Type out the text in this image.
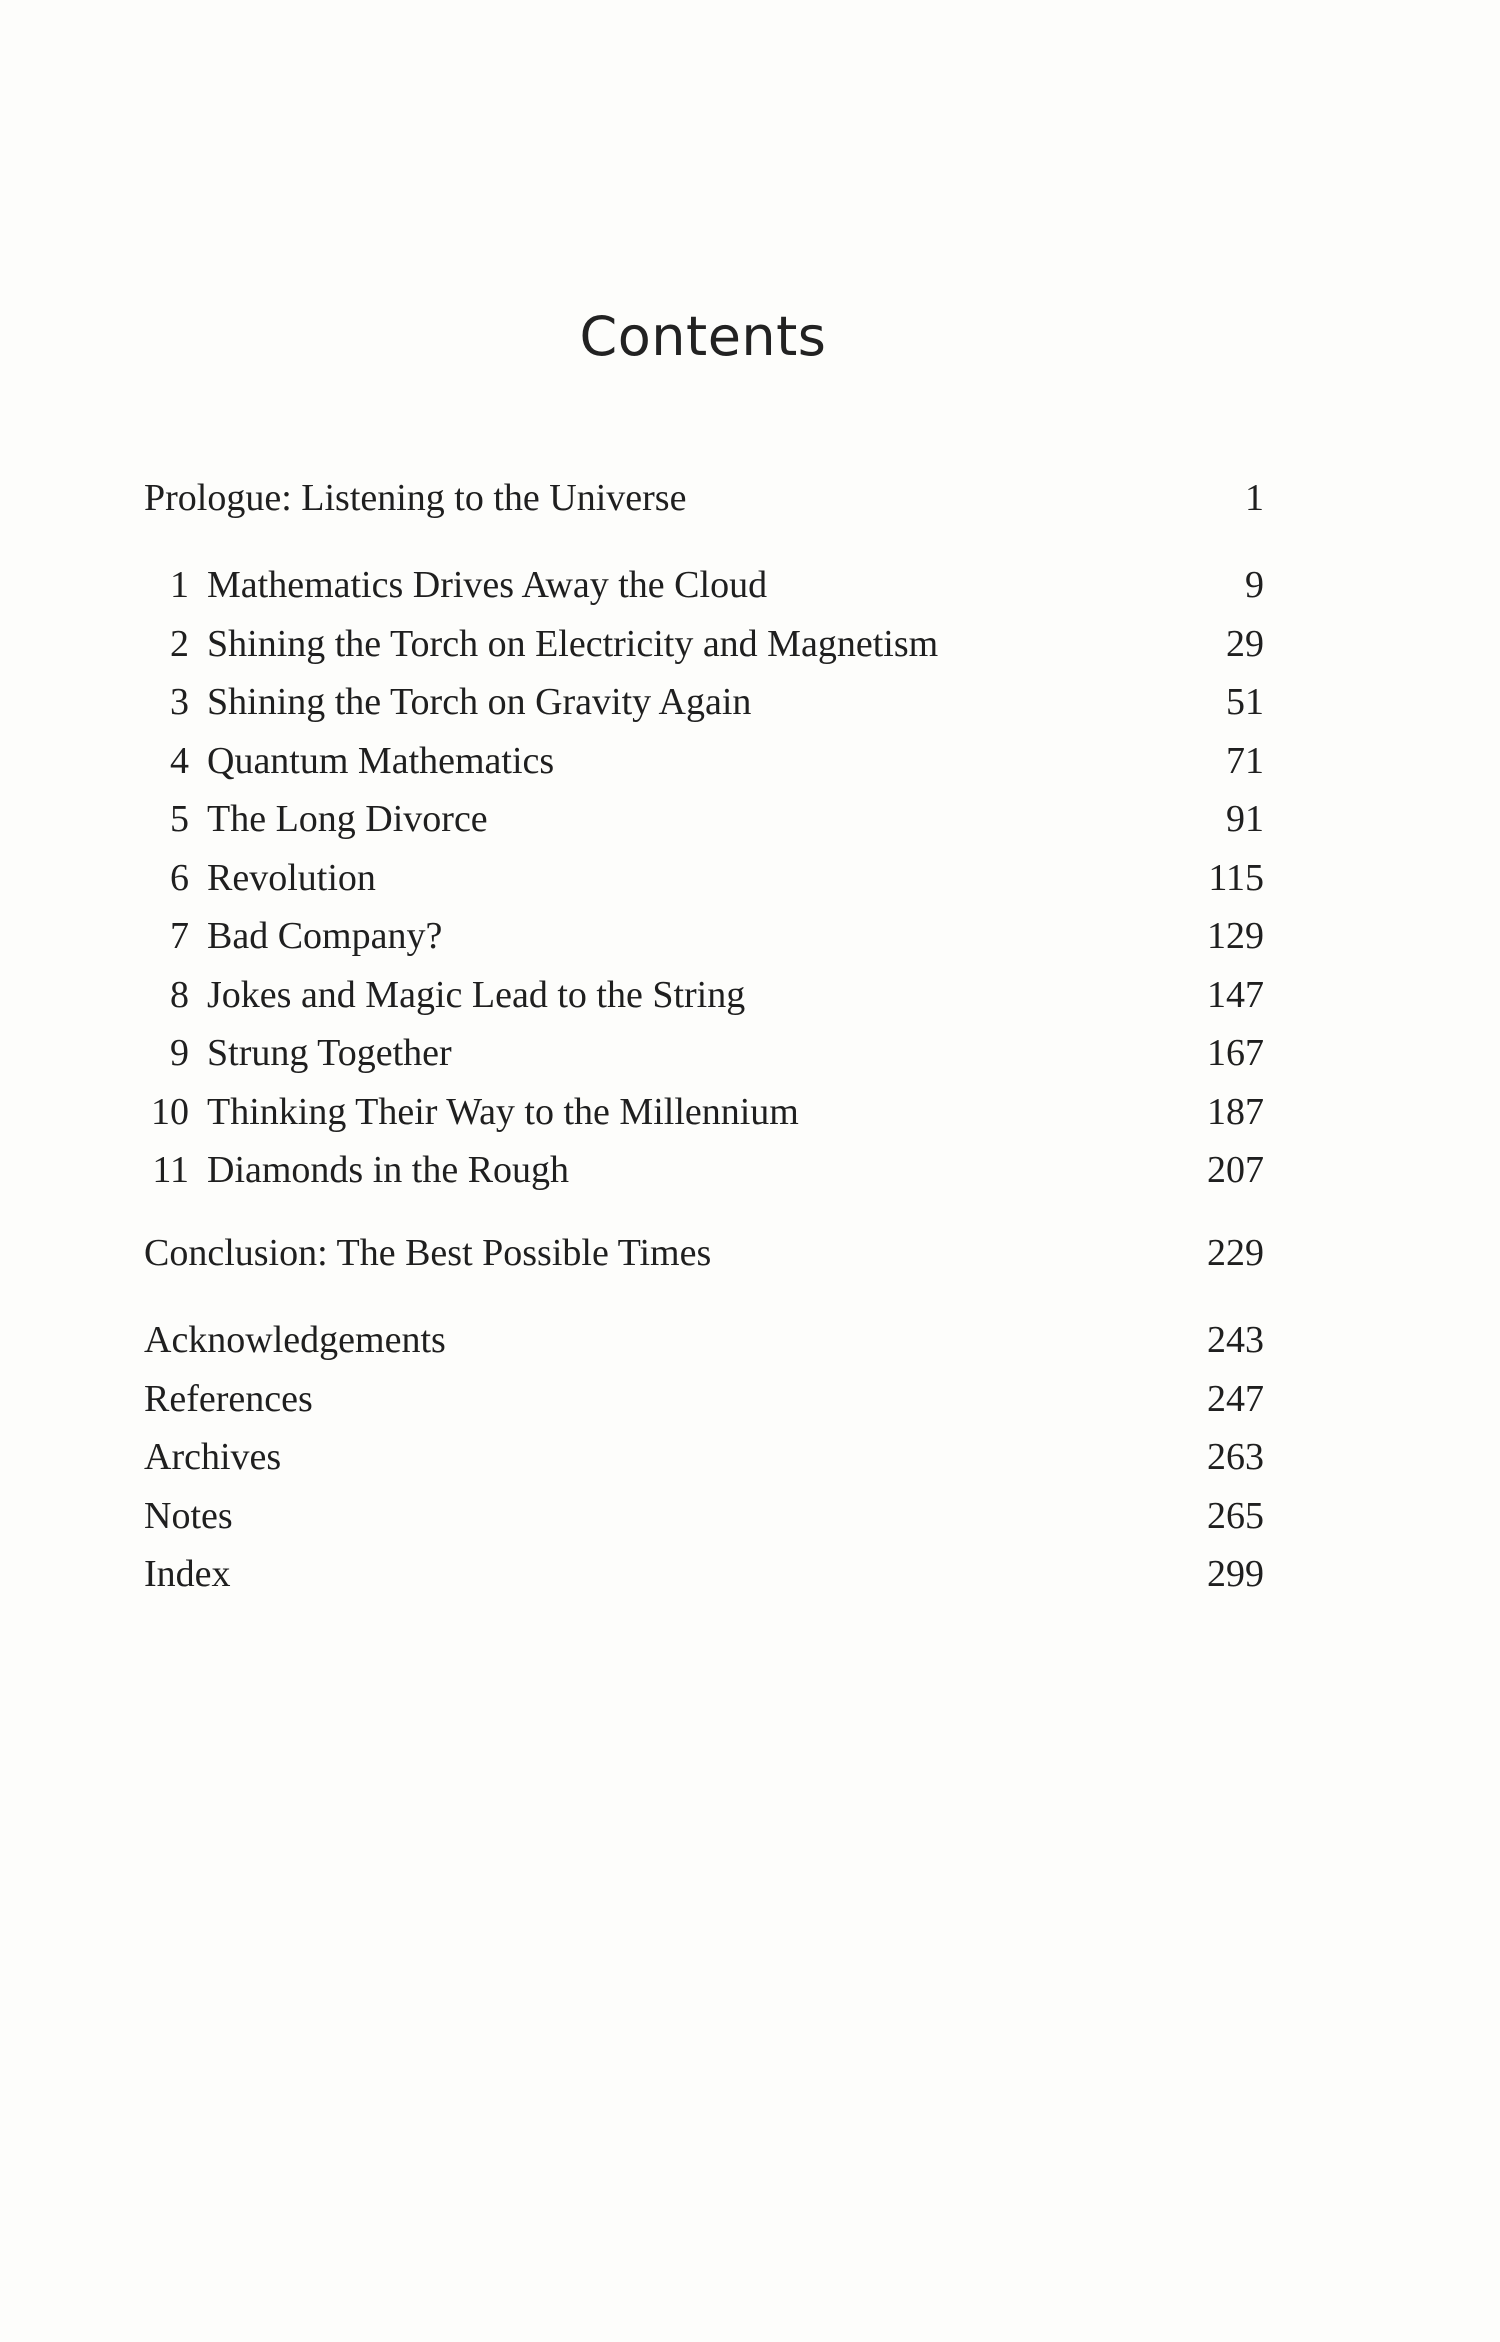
Contents
Prologue: Listening to the Universe	1
1 Mathematics Drives Away the Cloud	9
2 Shining the Torch on Electricity and Magnetism	29
3 Shining the Torch on Gravity Again	51
4 Quantum Mathematics	71
5 The Long Divorce	91
6 Revolution	115
7 Bad Company?	129
8 Jokes and Magic Lead to the String	147
9 Strung Together	167
10 Thinking Their Way to the Millennium	187
11 Diamonds in the Rough	207
Conclusion: The Best Possible Times	229
Acknowledgements	243
References	247
Archives	263
Notes	265
Index	299
